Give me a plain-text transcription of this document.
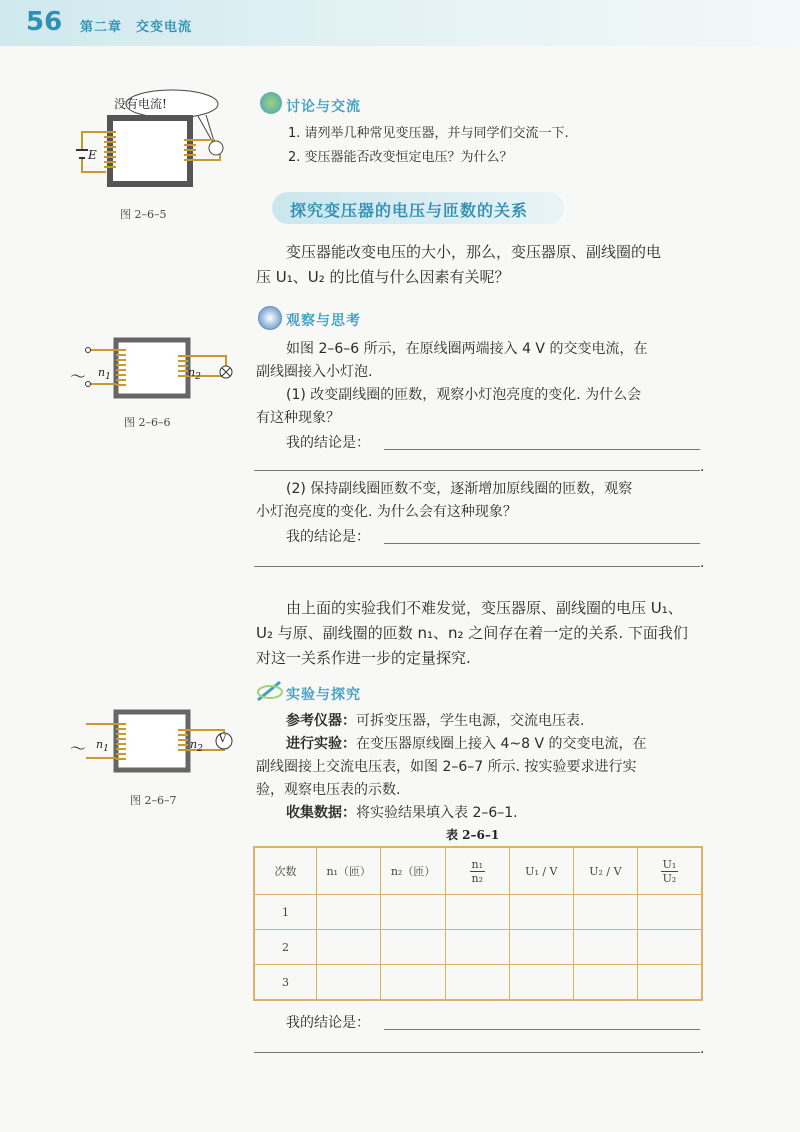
56 第二章　交变电流
没有电流!
E
图 2–6–5
讨论与交流
1. 请列举几种常见变压器，并与同学们交流一下.
2. 变压器能否改变恒定电压？为什么？
探究变压器的电压与匝数的关系
变压器能改变电压的大小，那么，变压器原、副线圈的电
压 U₁、U₂ 的比值与什么因素有关呢？
～ $n_1$	$n_2$
图 2–6–6
观察与思考
如图 2–6–6 所示，在原线圈两端接入 4 V 的交变电流，在
副线圈接入小灯泡.
(1) 改变副线圈的匝数，观察小灯泡亮度的变化. 为什么会
有这种现象？
我的结论是：
.
(2) 保持副线圈匝数不变，逐渐增加原线圈的匝数，观察
小灯泡亮度的变化. 为什么会有这种现象？
我的结论是：
.
由上面的实验我们不难发觉，变压器原、副线圈的电压 U₁、
U₂ 与原、副线圈的匝数 n₁、n₂ 之间存在着一定的关系. 下面我们
对这一关系作进一步的定量探究.
实验与探究
参考仪器：可拆变压器，学生电源，交流电压表.
进行实验：在变压器原线圈上接入 4~8 V 的交变电流，在
副线圈接上交流电压表，如图 2–6–7 所示. 按实验要求进行实
验，观察电压表的示数.
收集数据：将实验结果填入表 2–6–1.
～ $n_1$	$n_2$
V
图 2–6–7
表 2–6–1
次数	n₁（匝）	n₂（匝）	$\frac{\text{n₁}}{\text{n₂}}$	U₁ / V	U₂ / V	$\frac{\text{U₁}}{\text{U₂}}$

1						
2						
3						
我的结论是：
.
